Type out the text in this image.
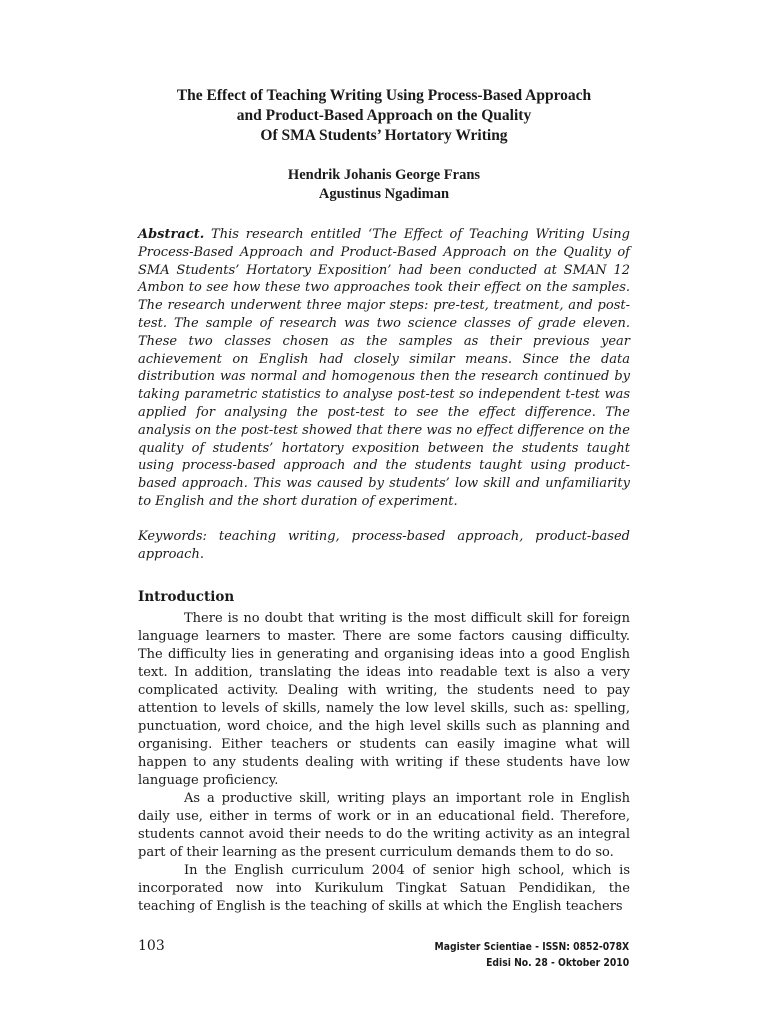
The Effect of Teaching Writing Using Process-Based Approach
and Product-Based Approach on the Quality
Of SMA Students’ Hortatory Writing
Hendrik Johanis George Frans
Agustinus Ngadiman

Abstract. This research entitled ‘The Effect of Teaching Writing Using Process-Based Approach and Product-Based Approach on the Quality of SMA Students’ Hortatory Exposition’ had been conducted at SMAN 12 Ambon to see how these two approaches took their effect on the samples. The research underwent three major steps: pre-test, treatment, and post-test. The sample of research was two science classes of grade eleven. These two classes chosen as the samples as their previous year achievement on English had closely similar means. Since the data distribution was normal and homogenous then the research continued by taking parametric statistics to analyse post-test so independent t-test was applied for analysing the post-test to see the effect difference. The analysis on the post-test showed that there was no effect difference on the quality of students’ hortatory exposition between the students taught using process-based approach and the students taught using product-based approach. This was caused by students’ low skill and unfamiliarity to English and the short duration of experiment.

Keywords: teaching writing, process-based approach, product-based approach.

Introduction

There is no doubt that writing is the most difficult skill for foreign language learners to master. There are some factors causing difficulty. The difficulty lies in generating and organising ideas into a good English text. In addition, translating the ideas into readable text is also a very complicated activity. Dealing with writing, the students need to pay attention to levels of skills, namely the low level skills, such as: spelling, punctuation, word choice, and the high level skills such as planning and organising. Either teachers or students can easily imagine what will happen to any students dealing with writing if these students have low language proficiency.

As a productive skill, writing plays an important role in English daily use, either in terms of work or in an educational field. Therefore, students cannot avoid their needs to do the writing activity as an integral part of their learning as the present curriculum demands them to do so.

In the English curriculum 2004 of senior high school, which is incorporated now into Kurikulum Tingkat Satuan Pendidikan, the teaching of English is the teaching of skills at which the English teachers

103	Magister Scientiae - ISSN: 0852-078X
Edisi No. 28 - Oktober 2010
